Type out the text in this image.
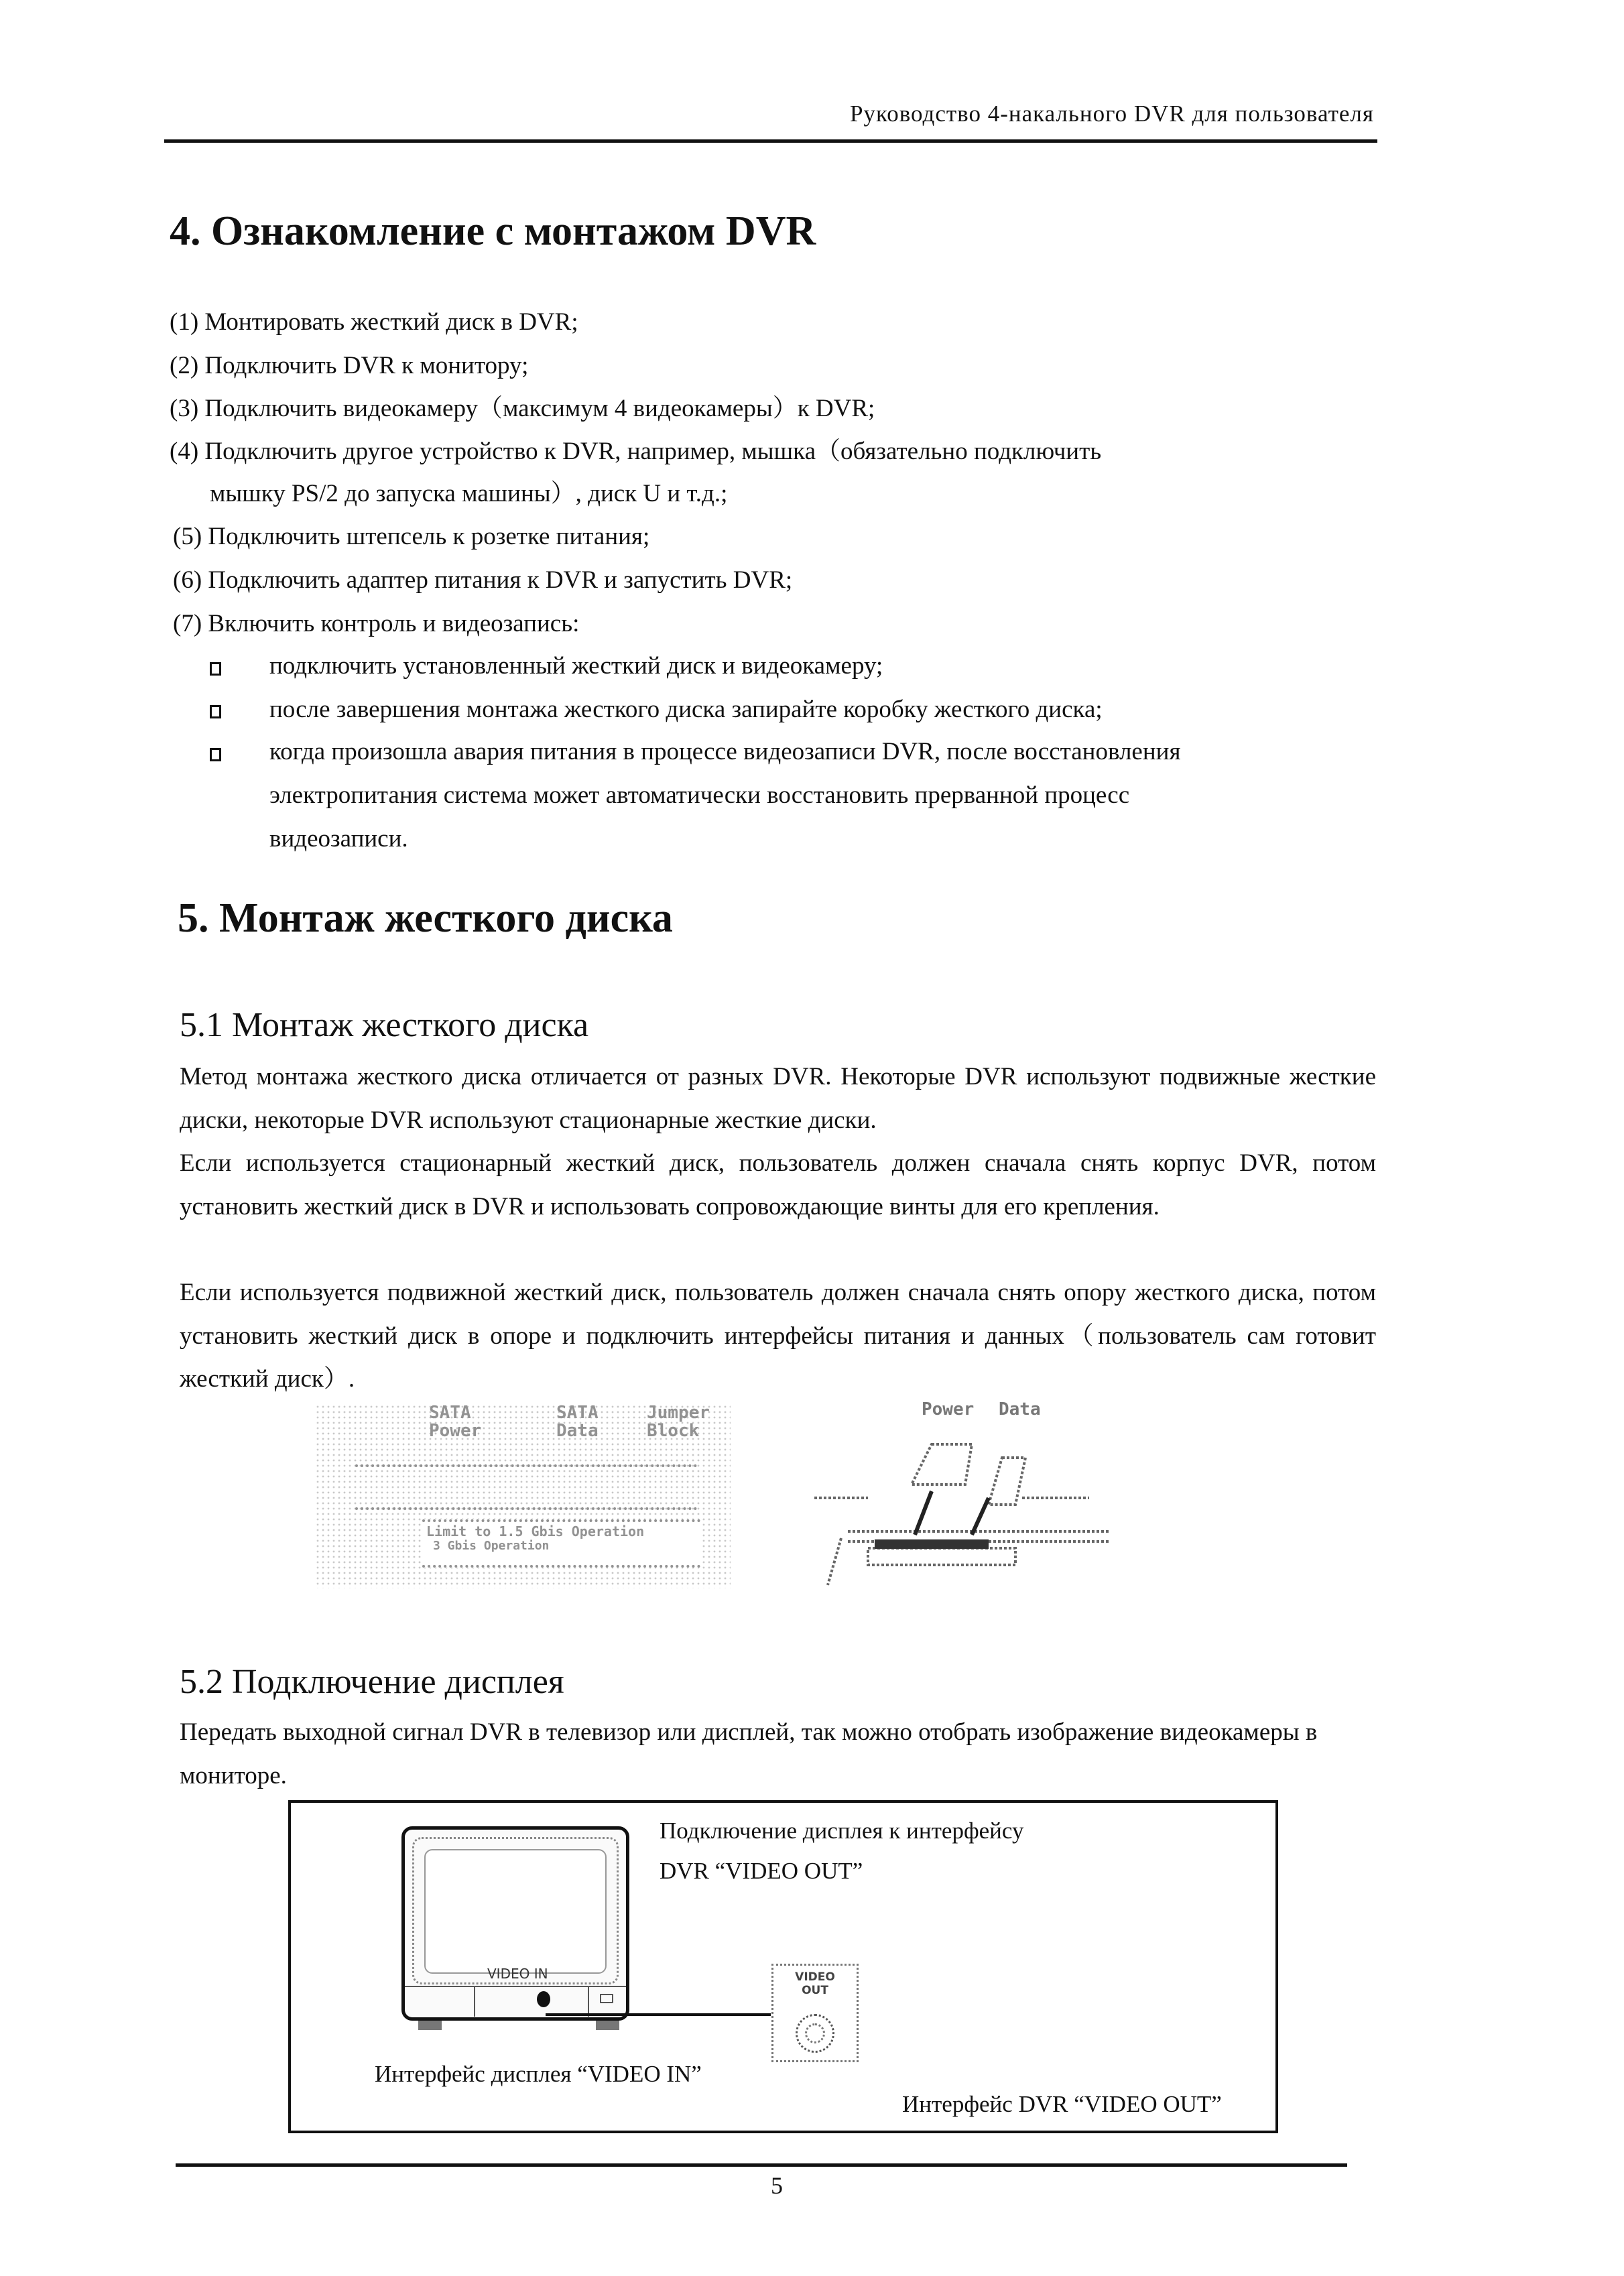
Руководство 4-накального DVR для пользователя
4. Ознакомление с монтажом DVR
(1) Монтировать жесткий диск в DVR;
(2) Подключить DVR к монитору;
(3) Подключить видеокамеру（максимум 4 видеокамеры）к DVR;
(4) Подключить другое устройство к DVR, например, мышка（обязательно подключить
мышку PS/2 до запуска машины）, диск U и т.д.;
(5) Подключить штепсель к розетке питания;
(6) Подключить адаптер питания к DVR и запустить DVR;
(7) Включить контроль и видеозапись:
подключить установленный жесткий диск и видеокамеру;
после завершения монтажа жесткого диска запирайте коробку жесткого диска;
когда произошла авария питания в процессе видеозаписи DVR, после восстановления
электропитания система может автоматически восстановить прерванной процесс
видеозаписи.
5. Монтаж жесткого диска
5.1 Монтаж жесткого диска
Метод монтажа жесткого диска отличается от разных DVR. Некоторые DVR используют подвижные жесткие диски, некоторые DVR используют стационарные жесткие диски.
Если используется стационарный жесткий диск, пользователь должен сначала снять корпус DVR, потом установить жесткий диск в DVR и использовать сопровождающие винты для его крепления.
Если используется подвижной жесткий диск, пользователь должен сначала снять опору жесткого диска, потом установить жесткий диск в опоре и подключить интерфейсы питания и данных（пользователь сам готовит жесткий диск）.
SATA
Power
SATA
Data
Jumper
Block
Limit to 1.5 Gbis Operation
3 Gbis Operation
Power Data
5.2 Подключение дисплея
Передать выходной сигнал DVR в телевизор или дисплей, так можно отобрать изображение видеокамеры в мониторе.
VIDEO IN	VIDEO
OUT
Подключение дисплея к интерфейсу
DVR “VIDEO OUT”
Интерфейс дисплея “VIDEO IN”
Интерфейс DVR “VIDEO OUT”
5
